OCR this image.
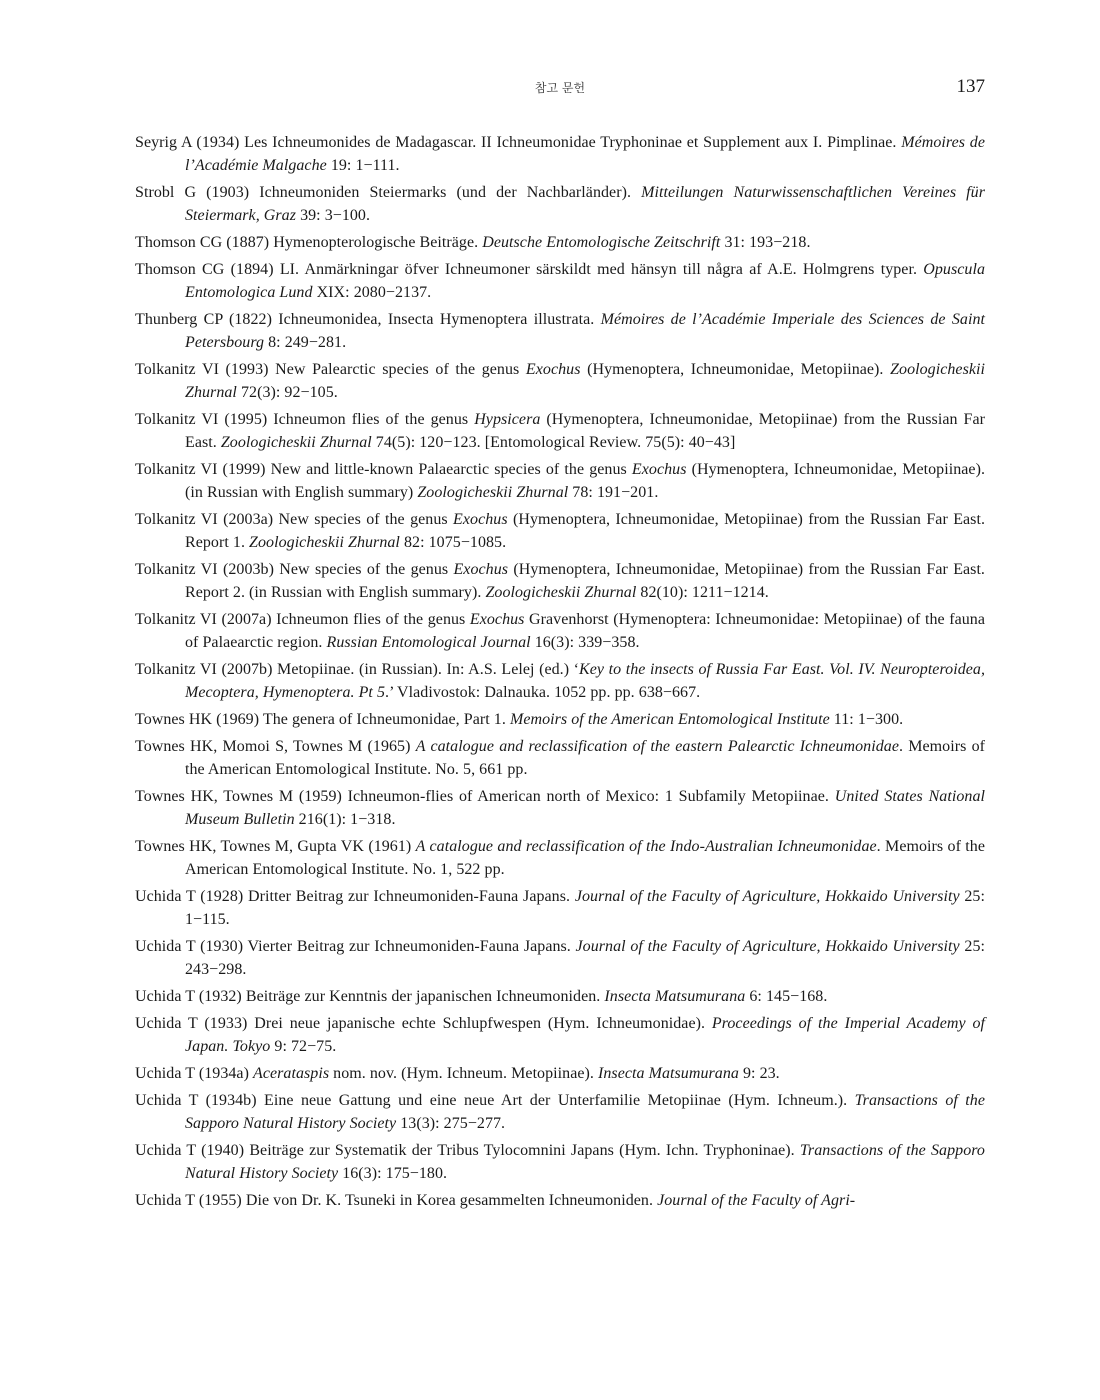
참고 문헌	137

Seyrig A (1934) Les Ichneumonides de Madagascar. II Ichneumonidae Tryphoninae et Supplement aux I. Pimplinae. Mémoires de l’Académie Malgache 19: 1−111.

Strobl G (1903) Ichneumoniden Steiermarks (und der Nachbarländer). Mitteilungen Naturwissenschaftlichen Vereines für Steiermark, Graz 39: 3−100.

Thomson CG (1887) Hymenopterologische Beiträge. Deutsche Entomologische Zeitschrift 31: 193−218.

Thomson CG (1894) LI. Anmärkningar öfver Ichneumoner särskildt med hänsyn till några af A.E. Holmgrens typer. Opuscula Entomologica Lund XIX: 2080−2137.

Thunberg CP (1822) Ichneumonidea, Insecta Hymenoptera illustrata. Mémoires de l’Académie Imperiale des Sciences de Saint Petersbourg 8: 249−281.

Tolkanitz VI (1993) New Palearctic species of the genus Exochus (Hymenoptera, Ichneumonidae, Metopiinae). Zoologicheskii Zhurnal 72(3): 92−105.

Tolkanitz VI (1995) Ichneumon flies of the genus Hypsicera (Hymenoptera, Ichneumonidae, Metopiinae) from the Russian Far East. Zoologicheskii Zhurnal 74(5): 120−123. [Entomological Review. 75(5): 40−43]

Tolkanitz VI (1999) New and little-known Palaearctic species of the genus Exochus (Hymenoptera, Ichneumonidae, Metopiinae). (in Russian with English summary) Zoologicheskii Zhurnal 78: 191−201.

Tolkanitz VI (2003a) New species of the genus Exochus (Hymenoptera, Ichneumonidae, Metopiinae) from the Russian Far East. Report 1. Zoologicheskii Zhurnal 82: 1075−1085.

Tolkanitz VI (2003b) New species of the genus Exochus (Hymenoptera, Ichneumonidae, Metopiinae) from the Russian Far East. Report 2. (in Russian with English summary). Zoologicheskii Zhurnal 82(10): 1211−1214.

Tolkanitz VI (2007a) Ichneumon flies of the genus Exochus Gravenhorst (Hymenoptera: Ichneumonidae: Metopiinae) of the fauna of Palaearctic region. Russian Entomological Journal 16(3): 339−358.

Tolkanitz VI (2007b) Metopiinae. (in Russian). In: A.S. Lelej (ed.) ‘Key to the insects of Russia Far East. Vol. IV. Neuropteroidea, Mecoptera, Hymenoptera. Pt 5.’ Vladivostok: Dalnauka. 1052 pp. pp. 638−667.

Townes HK (1969) The genera of Ichneumonidae, Part 1. Memoirs of the American Entomological Institute 11: 1−300.

Townes HK, Momoi S, Townes M (1965) A catalogue and reclassification of the eastern Palearctic Ichneumonidae. Memoirs of the American Entomological Institute. No. 5, 661 pp.

Townes HK, Townes M (1959) Ichneumon-flies of American north of Mexico: 1 Subfamily Metopiinae. United States National Museum Bulletin 216(1): 1−318.

Townes HK, Townes M, Gupta VK (1961) A catalogue and reclassification of the Indo-Australian Ichneumonidae. Memoirs of the American Entomological Institute. No. 1, 522 pp.

Uchida T (1928) Dritter Beitrag zur Ichneumoniden-Fauna Japans. Journal of the Faculty of Agriculture, Hokkaido University 25: 1−115.

Uchida T (1930) Vierter Beitrag zur Ichneumoniden-Fauna Japans. Journal of the Faculty of Agriculture, Hokkaido University 25: 243−298.

Uchida T (1932) Beiträge zur Kenntnis der japanischen Ichneumoniden. Insecta Matsumurana 6: 145−168.

Uchida T (1933) Drei neue japanische echte Schlupfwespen (Hym. Ichneumonidae). Proceedings of the Imperial Academy of Japan. Tokyo 9: 72−75.

Uchida T (1934a) Acerataspis nom. nov. (Hym. Ichneum. Metopiinae). Insecta Matsumurana 9: 23.

Uchida T (1934b) Eine neue Gattung und eine neue Art der Unterfamilie Metopiinae (Hym. Ichneum.). Transactions of the Sapporo Natural History Society 13(3): 275−277.

Uchida T (1940) Beiträge zur Systematik der Tribus Tylocomnini Japans (Hym. Ichn. Tryphoninae). Transactions of the Sapporo Natural History Society 16(3): 175−180.

Uchida T (1955) Die von Dr. K. Tsuneki in Korea gesammelten Ichneumoniden. Journal of the Faculty of Agri-
